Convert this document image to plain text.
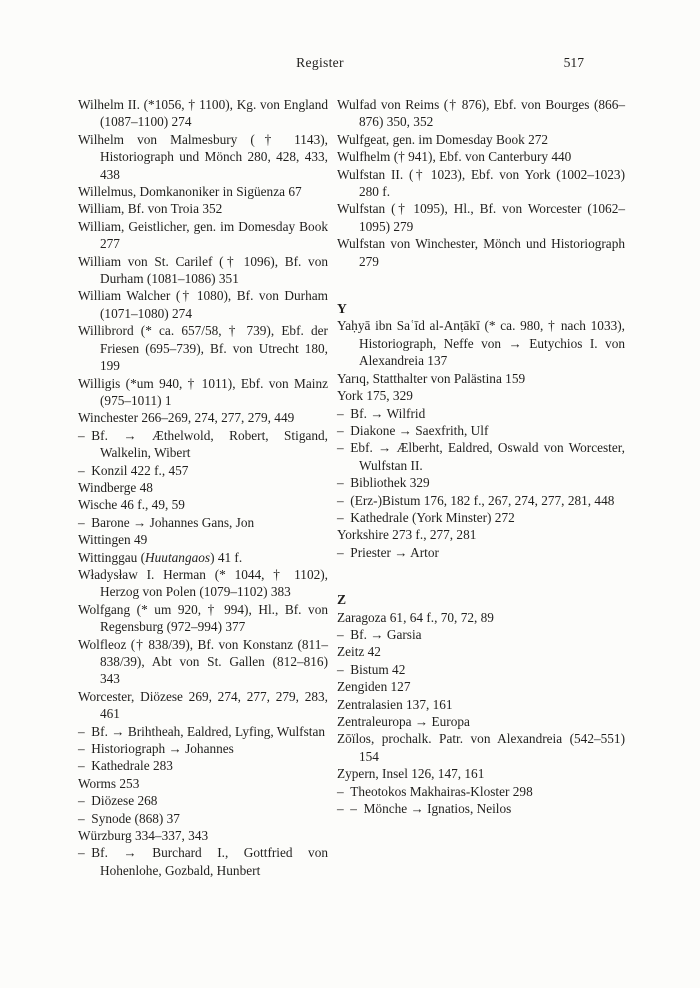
Register	517

Wilhelm II. (*1056, † 1100), Kg. von England (1087–1100) 274

Wilhelm von Malmesbury († 1143), Historiograph und Mönch 280, 428, 433, 438

Willelmus, Domkanoniker in Sigüenza 67

William, Bf. von Troia 352

William, Geistlicher, gen. im Domesday Book 277

William von St. Carilef († 1096), Bf. von Durham (1081–1086) 351

William Walcher († 1080), Bf. von Durham (1071–1080) 274

Willibrord (* ca. 657/58, † 739), Ebf. der Friesen (695–739), Bf. von Utrecht 180, 199

Willigis (*um 940, † 1011), Ebf. von Mainz (975–1011) 1

Winchester 266–269, 274, 277, 279, 449

– Bf. → Æthelwold, Robert, Stigand, Walkelin, Wibert

– Konzil 422 f., 457

Windberge 48

Wische 46 f., 49, 59

– Barone → Johannes Gans, Jon

Wittingen 49

Wittinggau (Huutangaos) 41 f.

Władysław I. Herman (* 1044, † 1102), Herzog von Polen (1079–1102) 383

Wolfgang (* um 920, † 994), Hl., Bf. von Regensburg (972–994) 377

Wolfleoz († 838/39), Bf. von Konstanz (811–838/39), Abt von St. Gallen (812–816) 343

Worcester, Diözese 269, 274, 277, 279, 283, 461

– Bf. → Brihtheah, Ealdred, Lyfing, Wulfstan

– Historiograph → Johannes

– Kathedrale 283

Worms 253

– Diözese 268

– Synode (868) 37

Würzburg 334–337, 343

– Bf. → Burchard I., Gottfried von Hohenlohe, Gozbald, Hunbert

Wulfad von Reims († 876), Ebf. von Bourges (866–876) 350, 352

Wulfgeat, gen. im Domesday Book 272

Wulfhelm († 941), Ebf. von Canterbury 440

Wulfstan II. († 1023), Ebf. von York (1002–1023) 280 f.

Wulfstan († 1095), Hl., Bf. von Worcester (1062–1095) 279

Wulfstan von Winchester, Mönch und Historiograph 279

Y

Yaḥyā ibn Saʿīd al-Anṭākī (* ca. 980, † nach 1033), Historiograph, Neffe von → Eutychios I. von Alexandreia 137

Yarıq, Statthalter von Palästina 159

York 175, 329

– Bf. → Wilfrid

– Diakone → Saexfrith, Ulf

– Ebf. → Ælberht, Ealdred, Oswald von Worcester, Wulfstan II.

– Bibliothek 329

– (Erz-)Bistum 176, 182 f., 267, 274, 277, 281, 448

– Kathedrale (York Minster) 272

Yorkshire 273 f., 277, 281

– Priester → Artor

Z

Zaragoza 61, 64 f., 70, 72, 89

– Bf. → Garsia

Zeitz 42

– Bistum 42

Zengiden 127

Zentralasien 137, 161

Zentraleuropa → Europa

Zōïlos, prochalk. Patr. von Alexandreia (542–551) 154

Zypern, Insel 126, 147, 161

– Theotokos Makhairas-Kloster 298

– – Mönche → Ignatios, Neilos
